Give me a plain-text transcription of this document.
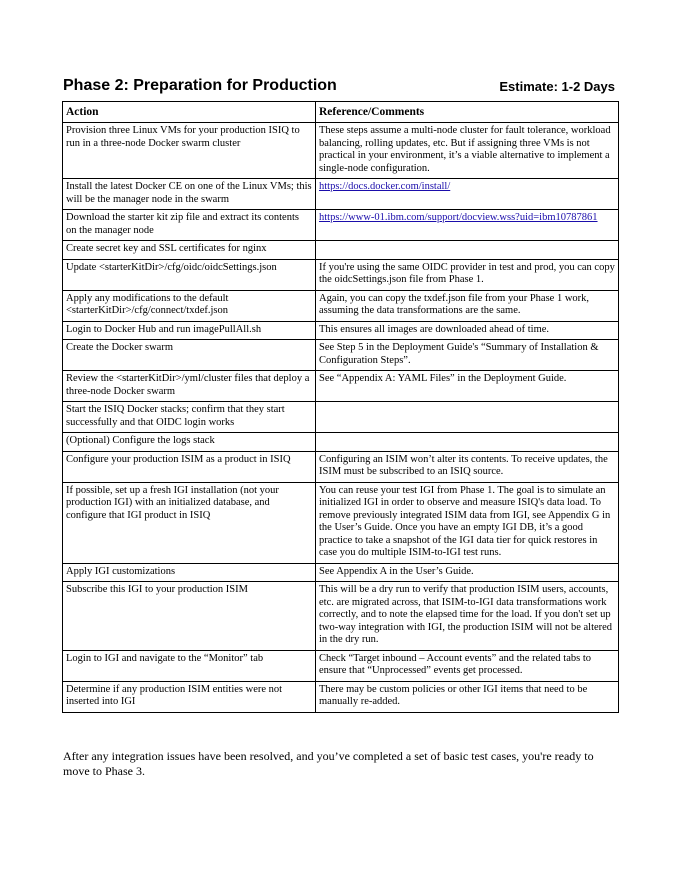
Phase 2: Preparation for Production	Estimate: 1-2 Days
Action	Reference/Comments
Provision three Linux VMs for your production ISIQ to run in a three-node Docker swarm cluster	These steps assume a multi-node cluster for fault tolerance, workload balancing, rolling updates, etc. But if assigning three VMs is not practical in your environment, it’s a viable alternative to implement a single-node configuration.
Install the latest Docker CE on one of the Linux VMs; this will be the manager node in the swarm	https://docs.docker.com/install/
Download the starter kit zip file and extract its contents on the manager node	https://www-01.ibm.com/support/docview.wss?uid=ibm10787861
Create secret key and SSL certificates for nginx	
Update <starterKitDir>/cfg/oidc/oidcSettings.json	If you're using the same OIDC provider in test and prod, you can copy the oidcSettings.json file from Phase 1.
Apply any modifications to the default <starterKitDir>/cfg/connect/txdef.json	Again, you can copy the txdef.json file from your Phase 1 work, assuming the data transformations are the same.
Login to Docker Hub and run imagePullAll.sh	This ensures all images are downloaded ahead of time.
Create the Docker swarm	See Step 5 in the Deployment Guide's “Summary of Installation & Configuration Steps”.
Review the <starterKitDir>/yml/cluster files that deploy a three-node Docker swarm	See “Appendix A: YAML Files” in the Deployment Guide.
Start the ISIQ Docker stacks; confirm that they start successfully and that OIDC login works	
(Optional) Configure the logs stack	
Configure your production ISIM as a product in ISIQ	Configuring an ISIM won’t alter its contents. To receive updates, the ISIM must be subscribed to an ISIQ source.
If possible, set up a fresh IGI installation (not your production IGI) with an initialized database, and configure that IGI product in ISIQ	You can reuse your test IGI from Phase 1. The goal is to simulate an initialized IGI in order to observe and measure ISIQ's data load. To remove previously integrated ISIM data from IGI, see Appendix G in the User’s Guide. Once you have an empty IGI DB, it’s a good practice to take a snapshot of the IGI data tier for quick restores in case you do multiple ISIM-to-IGI test runs.
Apply IGI customizations	See Appendix A in the User’s Guide.
Subscribe this IGI to your production ISIM	This will be a dry run to verify that production ISIM users, accounts, etc. are migrated across, that ISIM-to-IGI data transformations work correctly, and to note the elapsed time for the load. If you don't set up two-way integration with IGI, the production ISIM will not be altered in the dry run.
Login to IGI and navigate to the “Monitor” tab	Check “Target inbound – Account events” and the related tabs to ensure that “Unprocessed” events get processed.
Determine if any production ISIM entities were not inserted into IGI	There may be custom policies or other IGI items that need to be manually re-added.
After any integration issues have been resolved, and you’ve completed a set of basic test cases, you're ready to move to Phase 3.
